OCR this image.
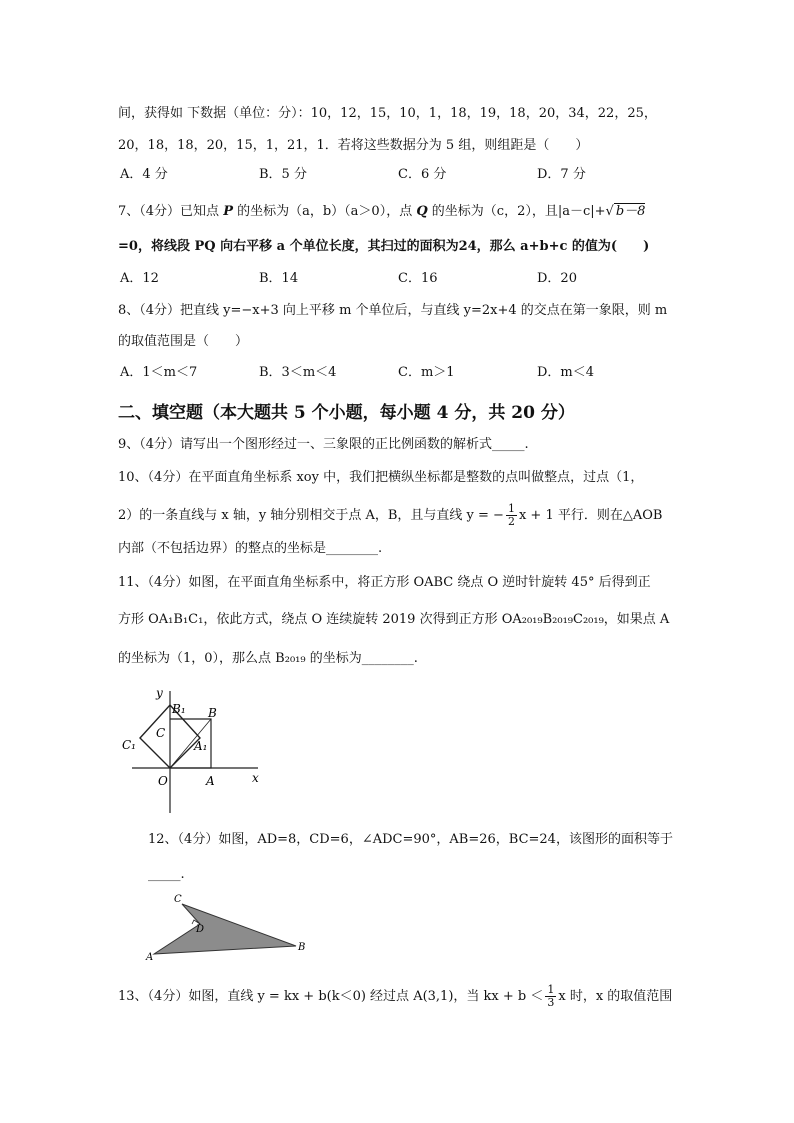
间，获得如 下数据（单位：分）：10，12，15，10，1，18，19，18，20，34，22，25，
20，18，18，20，15，1，21，1．若将这些数据分为 5 组，则组距是（　　）
A．4 分	B．5 分	C．6 分	D．7 分
7、（4分）已知点 P 的坐标为（a，b）（a＞0），点 Q 的坐标为（c，2），且|a－c|+√ b－8
=0，将线段 PQ 向右平移 a 个单位长度，其扫过的面积为24，那么 a+b+c 的值为(　　)
A．12	B．14	C．16	D．20
8、（4分）把直线 y=−x+3 向上平移 m 个单位后，与直线 y=2x+4 的交点在第一象限，则 m
的取值范围是（　　）
A．1＜m＜7	B．3＜m＜4	C．m＞1	D．m＜4
二、填空题（本大题共 5 个小题，每小题 4 分，共 20 分）
9、（4分）请写出一个图形经过一、三象限的正比例函数的解析式_____.
10、（4分）在平面直角坐标系 xoy 中，我们把横纵坐标都是整数的点叫做整点，过点（1，
2）的一条直线与 x 轴，y 轴分别相交于点 A，B，且与直线 y = − $\frac{1}{2}$ x + 1 平行．则在△AOB
内部（不包括边界）的整点的坐标是________.
11、（4分）如图，在平面直角坐标系中，将正方形 OABC 绕点 O 逆时针旋转 45° 后得到正
方形 OA₁B₁C₁，依此方式，绕点 O 连续旋转 2019 次得到正方形 OA₂₀₁₉B₂₀₁₉C₂₀₁₉，如果点 A
的坐标为（1，0），那么点 B₂₀₁₉ 的坐标为________.
y
x
O	A
B
C
B₁
A₁
C₁
12、（4分）如图，AD=8，CD=6，∠ADC=90°，AB=26，BC=24，该图形的面积等于
_____.
C
D
A
B
13、（4分）如图，直线 y = kx + b(k＜0) 经过点 A(3,1)，当 kx + $b < \frac{1}{3}$ x 时，x 的取值范围
